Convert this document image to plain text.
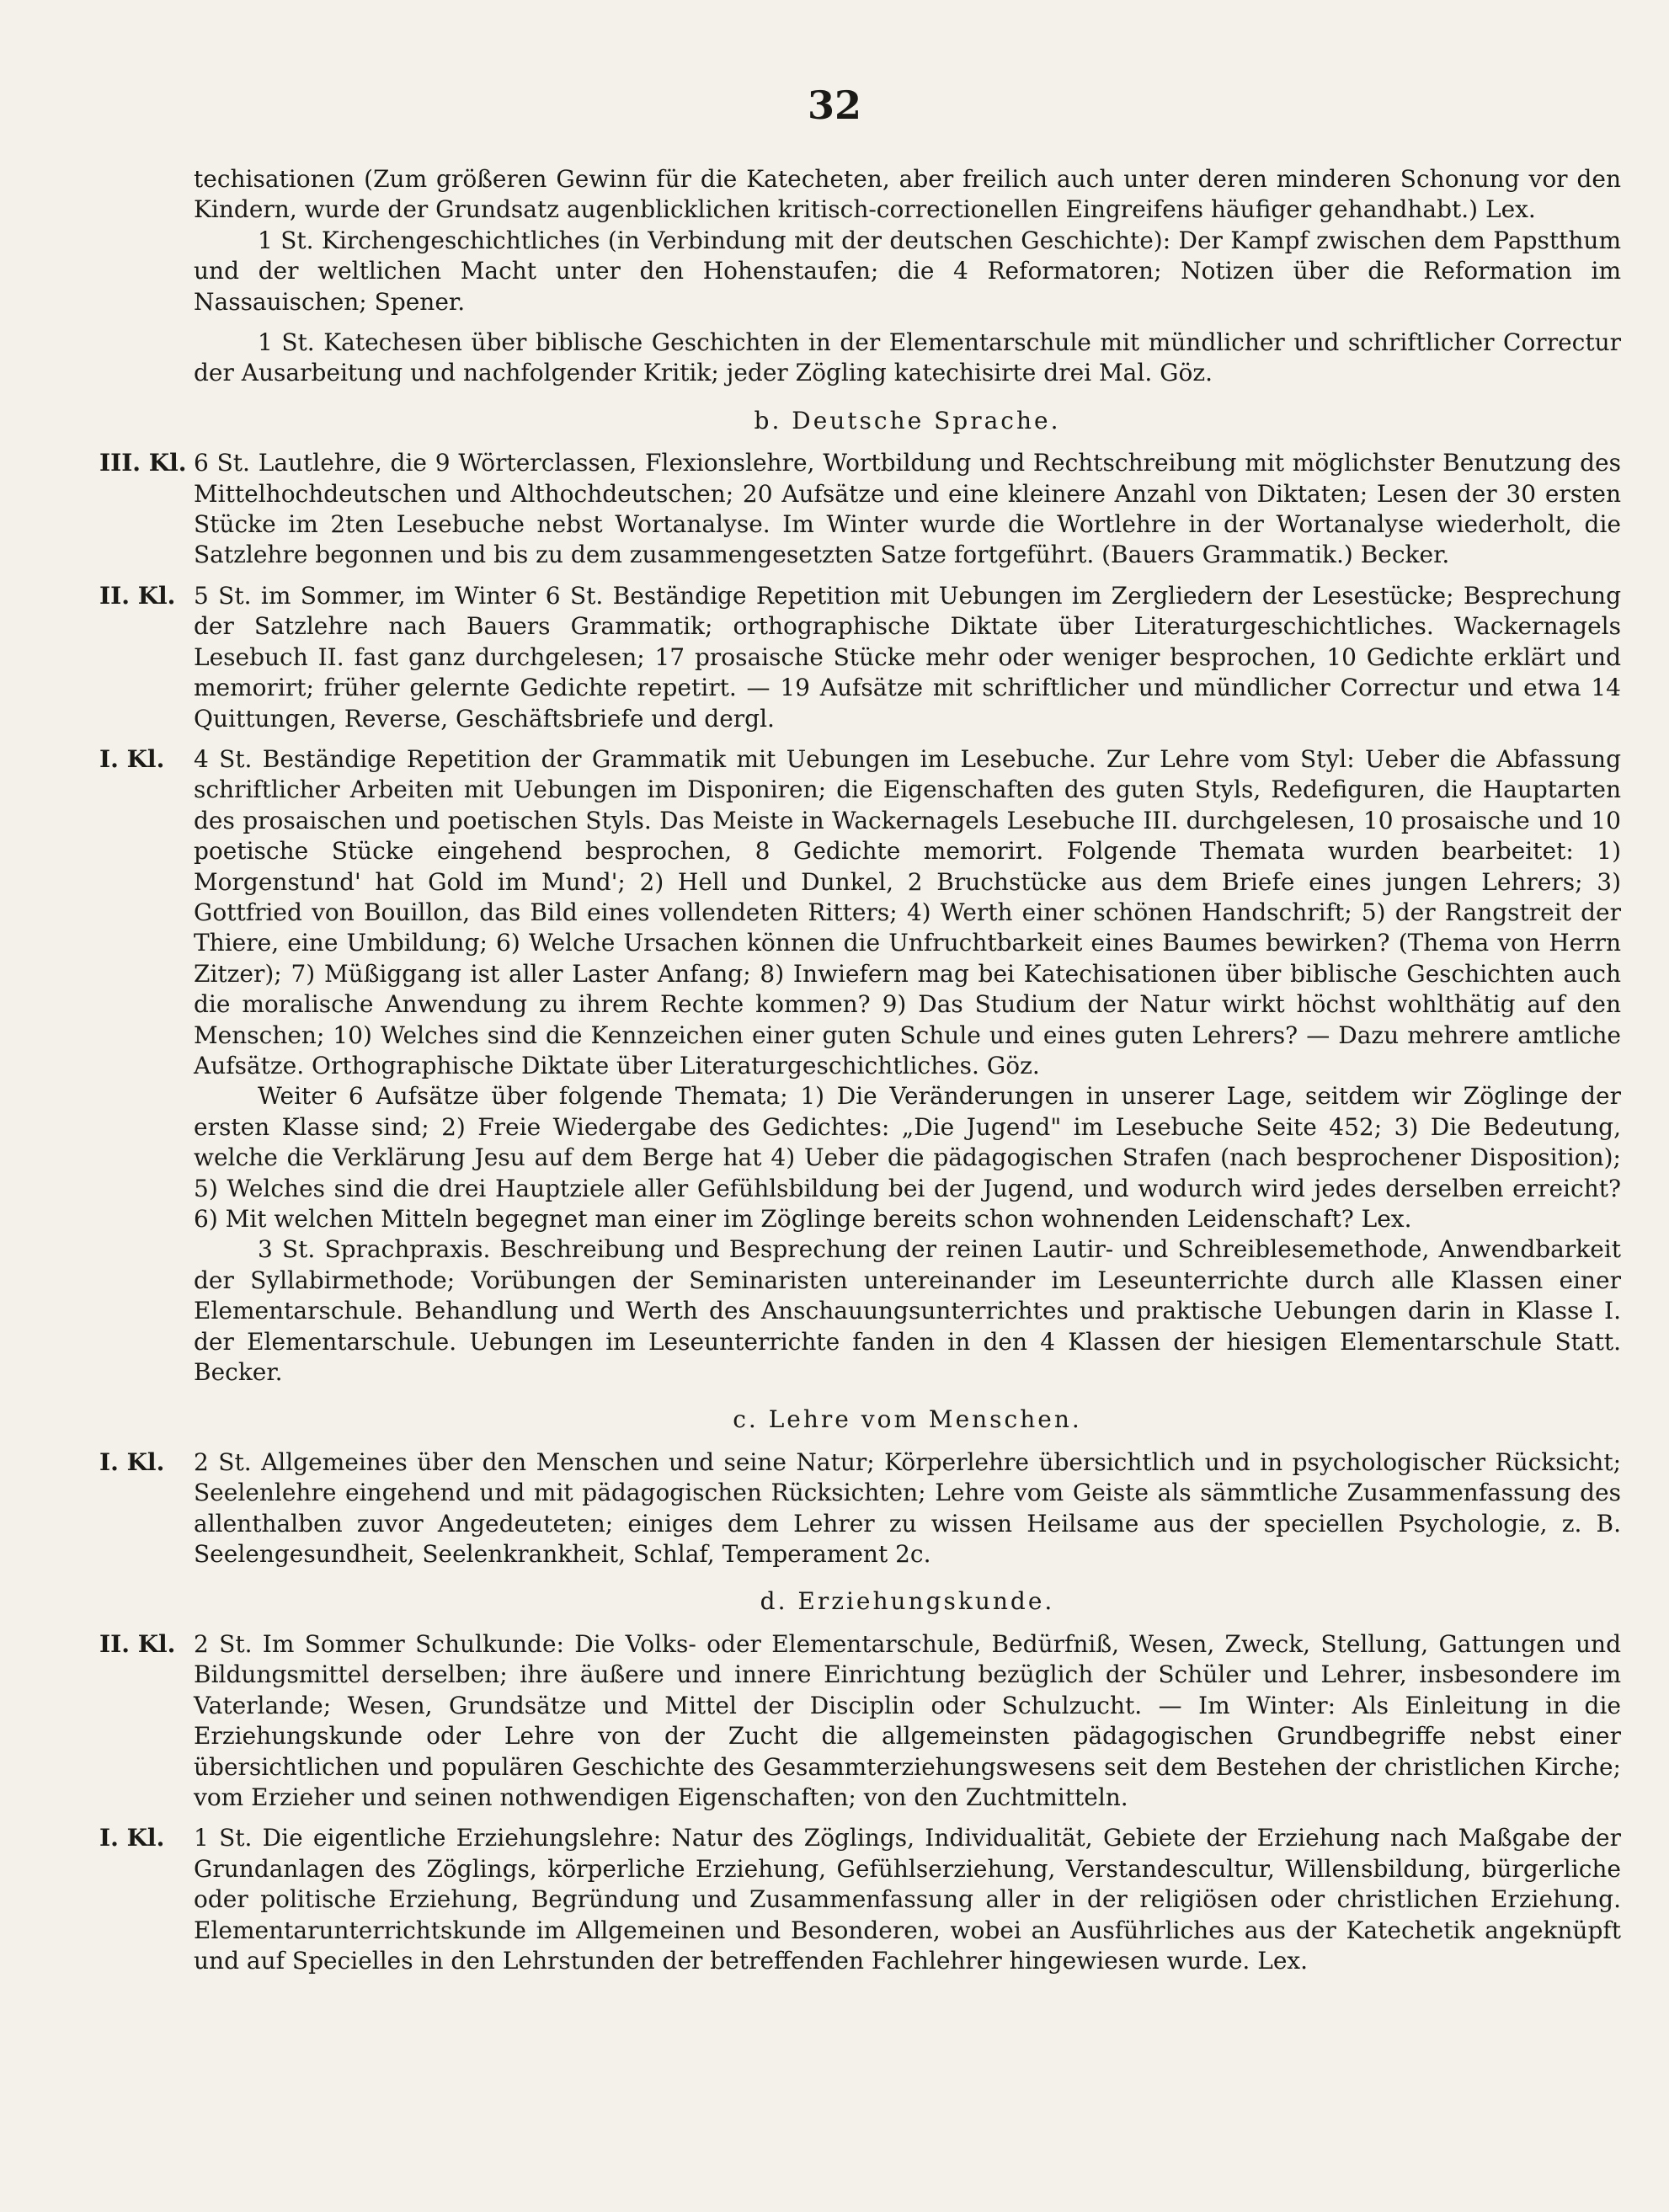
32

techisationen (Zum größeren Gewinn für die Katecheten, aber freilich auch unter deren minderen Schonung vor den Kindern, wurde der Grundsatz augenblicklichen kritisch-correctionellen Eingreifens häufiger gehandhabt.) Lex.

1 St. Kirchengeschichtliches (in Verbindung mit der deutschen Geschichte): Der Kampf zwischen dem Papstthum und der weltlichen Macht unter den Hohenstaufen; die 4 Reformatoren; Notizen über die Reformation im Nassauischen; Spener.

1 St. Katechesen über biblische Geschichten in der Elementarschule mit mündlicher und schriftlicher Correctur der Ausarbeitung und nachfolgender Kritik; jeder Zögling katechisirte drei Mal. Göz.

b. Deutsche Sprache.
III. Kl. 6 St. Lautlehre, die 9 Wörterclassen, Flexionslehre, Wortbildung und Rechtschreibung mit möglichster Benutzung des Mittelhochdeutschen und Althochdeutschen; 20 Aufsätze und eine kleinere Anzahl von Diktaten; Lesen der 30 ersten Stücke im 2ten Lesebuche nebst Wortanalyse. Im Winter wurde die Wortlehre in der Wortanalyse wiederholt, die Satzlehre begonnen und bis zu dem zusammengesetzten Satze fortgeführt. (Bauers Grammatik.) Becker.

II. Kl. 5 St. im Sommer, im Winter 6 St. Beständige Repetition mit Uebungen im Zergliedern der Lesestücke; Besprechung der Satzlehre nach Bauers Grammatik; orthographische Diktate über Literaturgeschichtliches. Wackernagels Lesebuch II. fast ganz durchgelesen; 17 prosaische Stücke mehr oder weniger besprochen, 10 Gedichte erklärt und memorirt; früher gelernte Gedichte repetirt. — 19 Aufsätze mit schriftlicher und mündlicher Correctur und etwa 14 Quittungen, Reverse, Geschäftsbriefe und dergl.

I. Kl.	4 St. Beständige Repetition der Grammatik mit Uebungen im Lesebuche. Zur Lehre vom Styl: Ueber die Abfassung schriftlicher Arbeiten mit Uebungen im Disponiren; die Eigenschaften des guten Styls, Redefiguren, die Hauptarten des prosaischen und poetischen Styls. Das Meiste in Wackernagels Lesebuche III. durchgelesen, 10 prosaische und 10 poetische Stücke eingehend besprochen, 8 Gedichte memorirt. Folgende Themata wurden bearbeitet: 1) Morgenstund' hat Gold im Mund'; 2) Hell und Dunkel, 2 Bruchstücke aus dem Briefe eines jungen Lehrers; 3) Gottfried von Bouillon, das Bild eines vollendeten Ritters; 4) Werth einer schönen Handschrift; 5) der Rangstreit der Thiere, eine Umbildung; 6) Welche Ursachen können die Unfruchtbarkeit eines Baumes bewirken? (Thema von Herrn Zitzer); 7) Müßiggang ist aller Laster Anfang; 8) Inwiefern mag bei Katechisationen über biblische Geschichten auch die moralische Anwendung zu ihrem Rechte kommen? 9) Das Studium der Natur wirkt höchst wohlthätig auf den Menschen; 10) Welches sind die Kennzeichen einer guten Schule und eines guten Lehrers? — Dazu mehrere amtliche Aufsätze. Orthographische Diktate über Literaturgeschichtliches. Göz.

Weiter 6 Aufsätze über folgende Themata; 1) Die Veränderungen in unserer Lage, seitdem wir Zöglinge der ersten Klasse sind; 2) Freie Wiedergabe des Gedichtes: „Die Jugend" im Lesebuche Seite 452; 3) Die Bedeutung, welche die Verklärung Jesu auf dem Berge hat 4) Ueber die pädagogischen Strafen (nach besprochener Disposition); 5) Welches sind die drei Hauptziele aller Gefühlsbildung bei der Jugend, und wodurch wird jedes derselben erreicht? 6) Mit welchen Mitteln begegnet man einer im Zöglinge bereits schon wohnenden Leidenschaft? Lex.

3 St. Sprachpraxis. Beschreibung und Besprechung der reinen Lautir- und Schreiblesemethode, Anwendbarkeit der Syllabirmethode; Vorübungen der Seminaristen untereinander im Leseunterrichte durch alle Klassen einer Elementarschule. Behandlung und Werth des Anschauungsunterrichtes und praktische Uebungen darin in Klasse I. der Elementarschule. Uebungen im Leseunterrichte fanden in den 4 Klassen der hiesigen Elementarschule Statt. Becker.

c. Lehre vom Menschen.
I. Kl.	2 St. Allgemeines über den Menschen und seine Natur; Körperlehre übersichtlich und in psychologischer Rücksicht; Seelenlehre eingehend und mit pädagogischen Rücksichten; Lehre vom Geiste als sämmtliche Zusammenfassung des allenthalben zuvor Angedeuteten; einiges dem Lehrer zu wissen Heilsame aus der speciellen Psychologie, z. B. Seelengesundheit, Seelenkrankheit, Schlaf, Temperament 2c.

d. Erziehungskunde.
II. Kl. 2 St. Im Sommer Schulkunde: Die Volks- oder Elementarschule, Bedürfniß, Wesen, Zweck, Stellung, Gattungen und Bildungsmittel derselben; ihre äußere und innere Einrichtung bezüglich der Schüler und Lehrer, insbesondere im Vaterlande; Wesen, Grundsätze und Mittel der Disciplin oder Schulzucht. — Im Winter: Als Einleitung in die Erziehungskunde oder Lehre von der Zucht die allgemeinsten pädagogischen Grundbegriffe nebst einer übersichtlichen und populären Geschichte des Gesammterziehungswesens seit dem Bestehen der christlichen Kirche; vom Erzieher und seinen nothwendigen Eigenschaften; von den Zuchtmitteln.

I. Kl.	1 St. Die eigentliche Erziehungslehre: Natur des Zöglings, Individualität, Gebiete der Erziehung nach Maßgabe der Grundanlagen des Zöglings, körperliche Erziehung, Gefühlserziehung, Verstandescultur, Willensbildung, bürgerliche oder politische Erziehung, Begründung und Zusammenfassung aller in der religiösen oder christlichen Erziehung. Elementarunterrichtskunde im Allgemeinen und Besonderen, wobei an Ausführliches aus der Katechetik angeknüpft und auf Specielles in den Lehrstunden der betreffenden Fachlehrer hingewiesen wurde. Lex.
